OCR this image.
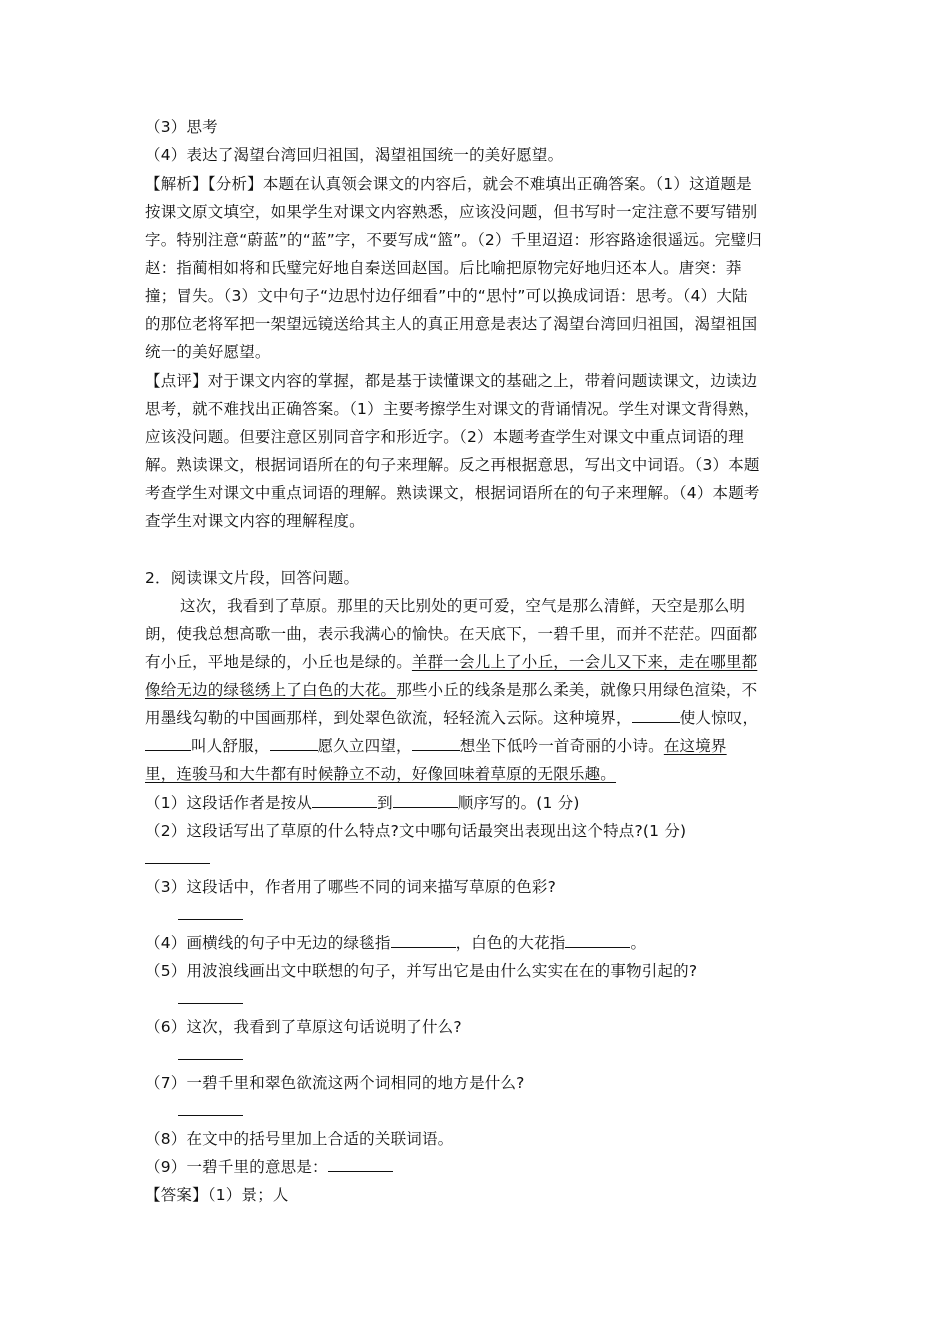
（3）思考
（4）表达了渴望台湾回归祖国，渴望祖国统一的美好愿望。
【解析】【分析】本题在认真领会课文的内容后，就会不难填出正确答案。（1）这道题是
按课文原文填空，如果学生对课文内容熟悉，应该没问题，但书写时一定注意不要写错别
字。特别注意“蔚蓝”的“蓝”字，不要写成“篮”。（2）千里迢迢：形容路途很遥远。完璧归
赵：指蔺相如将和氏璧完好地自秦送回赵国。后比喻把原物完好地归还本人。唐突：莽
撞；冒失。（3）文中句子“边思忖边仔细看”中的“思忖”可以换成词语：思考。（4）大陆
的那位老将军把一架望远镜送给其主人的真正用意是表达了渴望台湾回归祖国，渴望祖国
统一的美好愿望。
【点评】对于课文内容的掌握，都是基于读懂课文的基础之上，带着问题读课文，边读边
思考，就不难找出正确答案。（1）主要考擦学生对课文的背诵情况。学生对课文背得熟，
应该没问题。但要注意区别同音字和形近字。（2）本题考查学生对课文中重点词语的理
解。熟读课文，根据词语所在的句子来理解。反之再根据意思，写出文中词语。（3）本题
考查学生对课文中重点词语的理解。熟读课文，根据词语所在的句子来理解。（4）本题考
查学生对课文内容的理解程度。
2．阅读课文片段，回答问题。
这次，我看到了草原。那里的天比别处的更可爱，空气是那么清鲜，天空是那么明
朗，使我总想高歌一曲，表示我满心的愉快。在天底下，一碧千里，而并不茫茫。四面都
有小丘，平地是绿的，小丘也是绿的。羊群一会儿上了小丘，一会儿又下来，走在哪里都
像给无边的绿毯绣上了白色的大花。那些小丘的线条是那么柔美，就像只用绿色渲染，不
用墨线勾勒的中国画那样，到处翠色欲流，轻轻流入云际。这种境界，	使人惊叹，
叫人舒服，	愿久立四望，	想坐下低吟一首奇丽的小诗。在这境界
里，连骏马和大牛都有时候静立不动，好像回味着草原的无限乐趣。
（1）这段话作者是按从	到	顺序写的。(1 分)
（2）这段话写出了草原的什么特点?文中哪句话最突出表现出这个特点?(1 分)
（3）这段话中，作者用了哪些不同的词来描写草原的色彩?
（4）画横线的句子中无边的绿毯指	，白色的大花指	。
（5）用波浪线画出文中联想的句子，并写出它是由什么实实在在的事物引起的?
（6）这次，我看到了草原这句话说明了什么?
（7）一碧千里和翠色欲流这两个词相同的地方是什么?
（8）在文中的括号里加上合适的关联词语。
（9）一碧千里的意思是：
【答案】（1）景；人
